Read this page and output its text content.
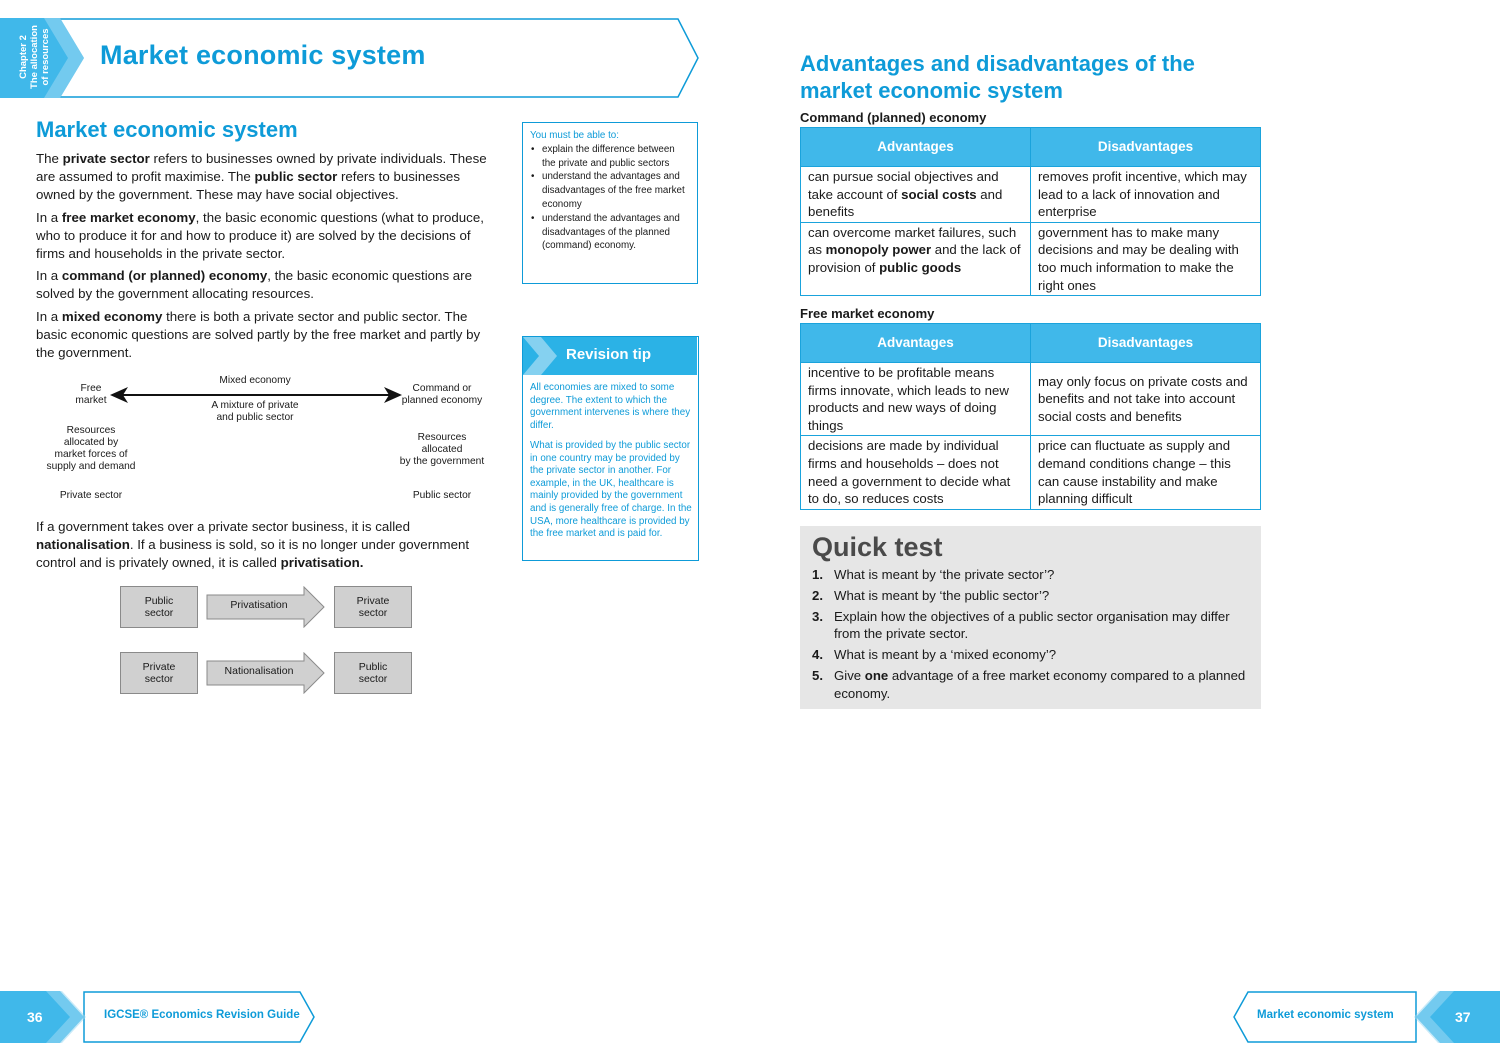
Chapter 2
The allocation
of resources Market economic system
Market economic system
The private sector refers to businesses owned by private individuals. These are assumed to profit maximise. The public sector refers to businesses owned by the government. These may have social objectives.
In a free market economy, the basic economic questions (what to produce, who to produce it for and how to produce it) are solved by the decisions of firms and households in the private sector.
In a command (or planned) economy, the basic economic questions are solved by the government allocating resources.
In a mixed economy there is both a private sector and public sector. The basic economic questions are solved partly by the free market and partly by the government.
Free
market
Mixed economy
A mixture of private
and public sector
Command or
planned economy
Resources
allocated by
market forces of
supply and demand
Resources
allocated
by the government
Private sector	Public sector
If a government takes over a private sector business, it is called nationalisation. If a business is sold, so it is no longer under government control and is privately owned, it is called privatisation.
Public
sector
Privatisation	Private
sector
Private
sector
Nationalisation	Public
sector
You must be able to:
• explain the difference between the private and public sectors
• understand the advantages and disadvantages of the free market economy
• understand the advantages and disadvantages of the planned (command) economy.
Revision tip
All economies are mixed to some degree. The extent to which the government intervenes is where they differ.
What is provided by the public sector in one country may be provided by the private sector in another. For example, in the UK, healthcare is mainly provided by the government and is generally free of charge. In the USA, more healthcare is provided by the free market and is paid for.
Advantages and disadvantages of the market economic system
Command (planned) economy
Advantages	Disadvantages
can pursue social objectives and take account of social costs and benefits	removes profit incentive, which may lead to a lack of innovation and enterprise
can overcome market failures, such as monopoly power and the lack of provision of public goods	government has to make many decisions and may be dealing with too much information to make the right ones
Free market economy
Advantages	Disadvantages
incentive to be profitable means firms innovate, which leads to new products and new ways of doing things	may only focus on private costs and benefits and not take into account social costs and benefits
decisions are made by individual firms and households – does not need a government to decide what to do, so reduces costs	price can fluctuate as supply and demand conditions change – this can cause instability and make planning difficult
Quick test
1. What is meant by ‘the private sector’?
2. What is meant by ‘the public sector’?
3. Explain how the objectives of a public sector organisation may differ from the private sector.
4. What is meant by a ‘mixed economy’?
5. Give one advantage of a free market economy compared to a planned economy.
36	IGCSE® Economics Revision Guide	Market economic system	37
